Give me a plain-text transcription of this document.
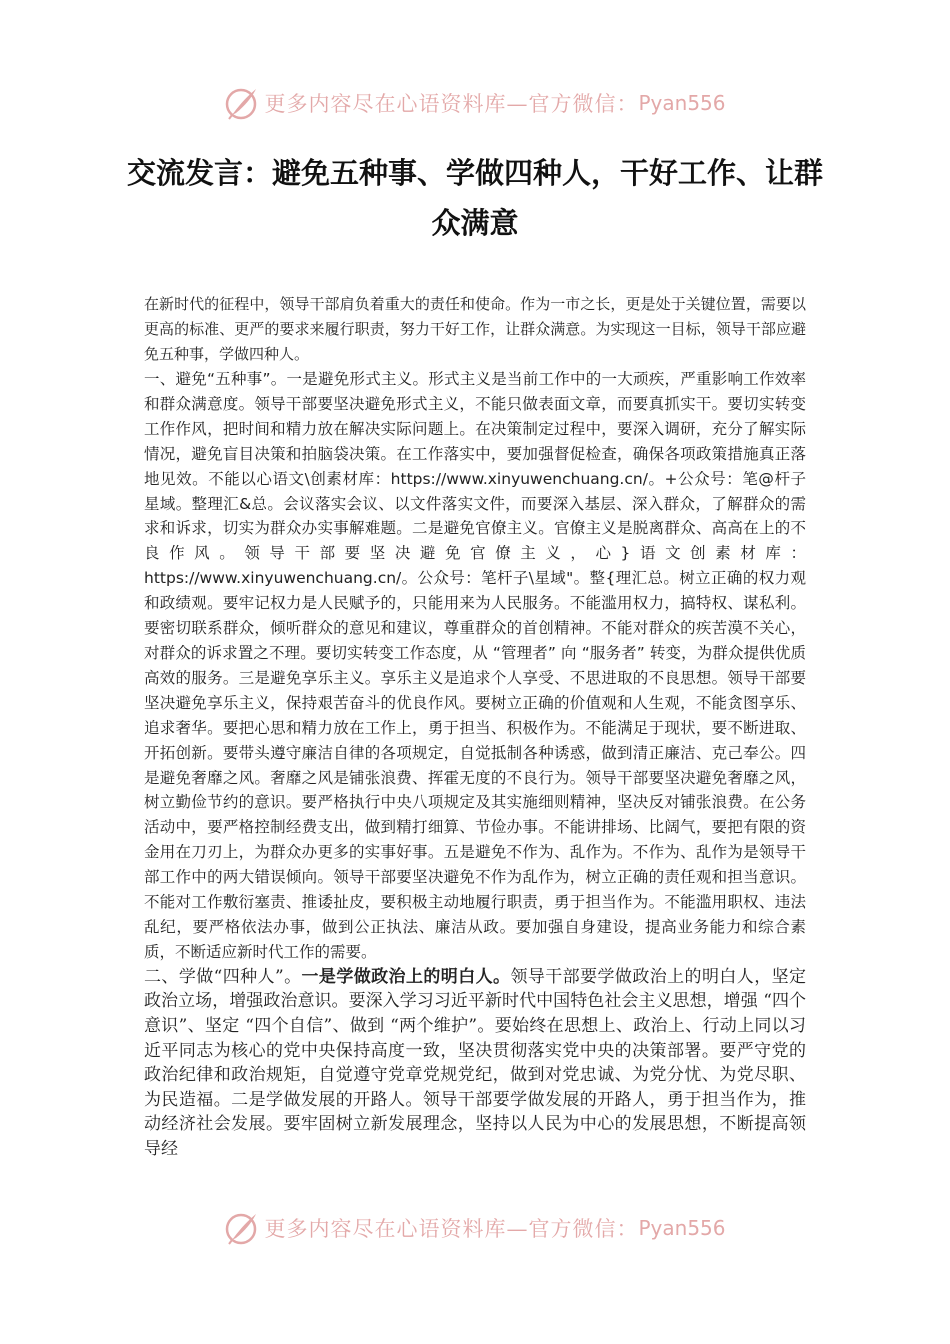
更多内容尽在心语资料库—官方微信： Pyan556
交流发言：避免五种事、学做四种人，干好工作、让群众满意

在新时代的征程中，领导干部肩负着重大的责任和使命。作为一市之长，更是处于关键位置，需要以更高的标准、更严的要求来履行职责，努力干好工作，让群众满意。为实现这一目标，领导干部应避免五种事，学做四种人。

一、避免“五种事”。一是避免形式主义。形式主义是当前工作中的一大顽疾，严重影响工作效率和群众满意度。领导干部要坚决避免形式主义，不能只做表面文章，而要真抓实干。要切实转变工作作风，把时间和精力放在解决实际问题上。在决策制定过程中，要深入调研，充分了解实际情况，避免盲目决策和拍脑袋决策。在工作落实中，要加强督促检查，确保各项政策措施真正落地见效。不能以心语文\创素材库：https://www.xinyuwenchuang.cn/。+公众号：笔@杆子星域。整理汇&总。会议落实会议、以文件落实文件，而要深入基层、深入群众，了解群众的需求和诉求，切实为群众办实事解难题。二是避免官僚主义。官僚主义是脱离群众、高高在上的不良作风。领导干部要坚决避免官僚主义，心}语文创素材库：https://www.xinyuwenchuang.cn/。公众号：笔杆子\星域"。整{理汇总。树立正确的权力观和政绩观。要牢记权力是人民赋予的，只能用来为人民服务。不能滥用权力，搞特权、谋私利。要密切联系群众，倾听群众的意见和建议，尊重群众的首创精神。不能对群众的疾苦漠不关心，对群众的诉求置之不理。要切实转变工作态度，从 “管理者” 向 “服务者” 转变，为群众提供优质高效的服务。三是避免享乐主义。享乐主义是追求个人享受、不思进取的不良思想。领导干部要坚决避免享乐主义，保持艰苦奋斗的优良作风。要树立正确的价值观和人生观，不能贪图享乐、追求奢华。要把心思和精力放在工作上，勇于担当、积极作为。不能满足于现状，要不断进取、开拓创新。要带头遵守廉洁自律的各项规定，自觉抵制各种诱惑，做到清正廉洁、克己奉公。四是避免奢靡之风。奢靡之风是铺张浪费、挥霍无度的不良行为。领导干部要坚决避免奢靡之风，树立勤俭节约的意识。要严格执行中央八项规定及其实施细则精神，坚决反对铺张浪费。在公务活动中，要严格控制经费支出，做到精打细算、节俭办事。不能讲排场、比阔气，要把有限的资金用在刀刃上，为群众办更多的实事好事。五是避免不作为、乱作为。不作为、乱作为是领导干部工作中的两大错误倾向。领导干部要坚决避免不作为乱作为，树立正确的责任观和担当意识。不能对工作敷衍塞责、推诿扯皮，要积极主动地履行职责，勇于担当作为。不能滥用职权、违法乱纪，要严格依法办事，做到公正执法、廉洁从政。要加强自身建设，提高业务能力和综合素质，不断适应新时代工作的需要。

二、学做“四种人”。一是学做政治上的明白人。领导干部要学做政治上的明白人，坚定政治立场，增强政治意识。要深入学习习近平新时代中国特色社会主义思想，增强 “四个意识”、坚定 “四个自信”、做到 “两个维护”。要始终在思想上、政治上、行动上同以习近平同志为核心的党中央保持高度一致，坚决贯彻落实党中央的决策部署。要严守党的政治纪律和政治规矩，自觉遵守党章党规党纪，做到对党忠诚、为党分忧、为党尽职、为民造福。二是学做发展的开路人。领导干部要学做发展的开路人，勇于担当作为，推动经济社会发展。要牢固树立新发展理念，坚持以人民为中心的发展思想，不断提高领导经

更多内容尽在心语资料库—官方微信： Pyan556
